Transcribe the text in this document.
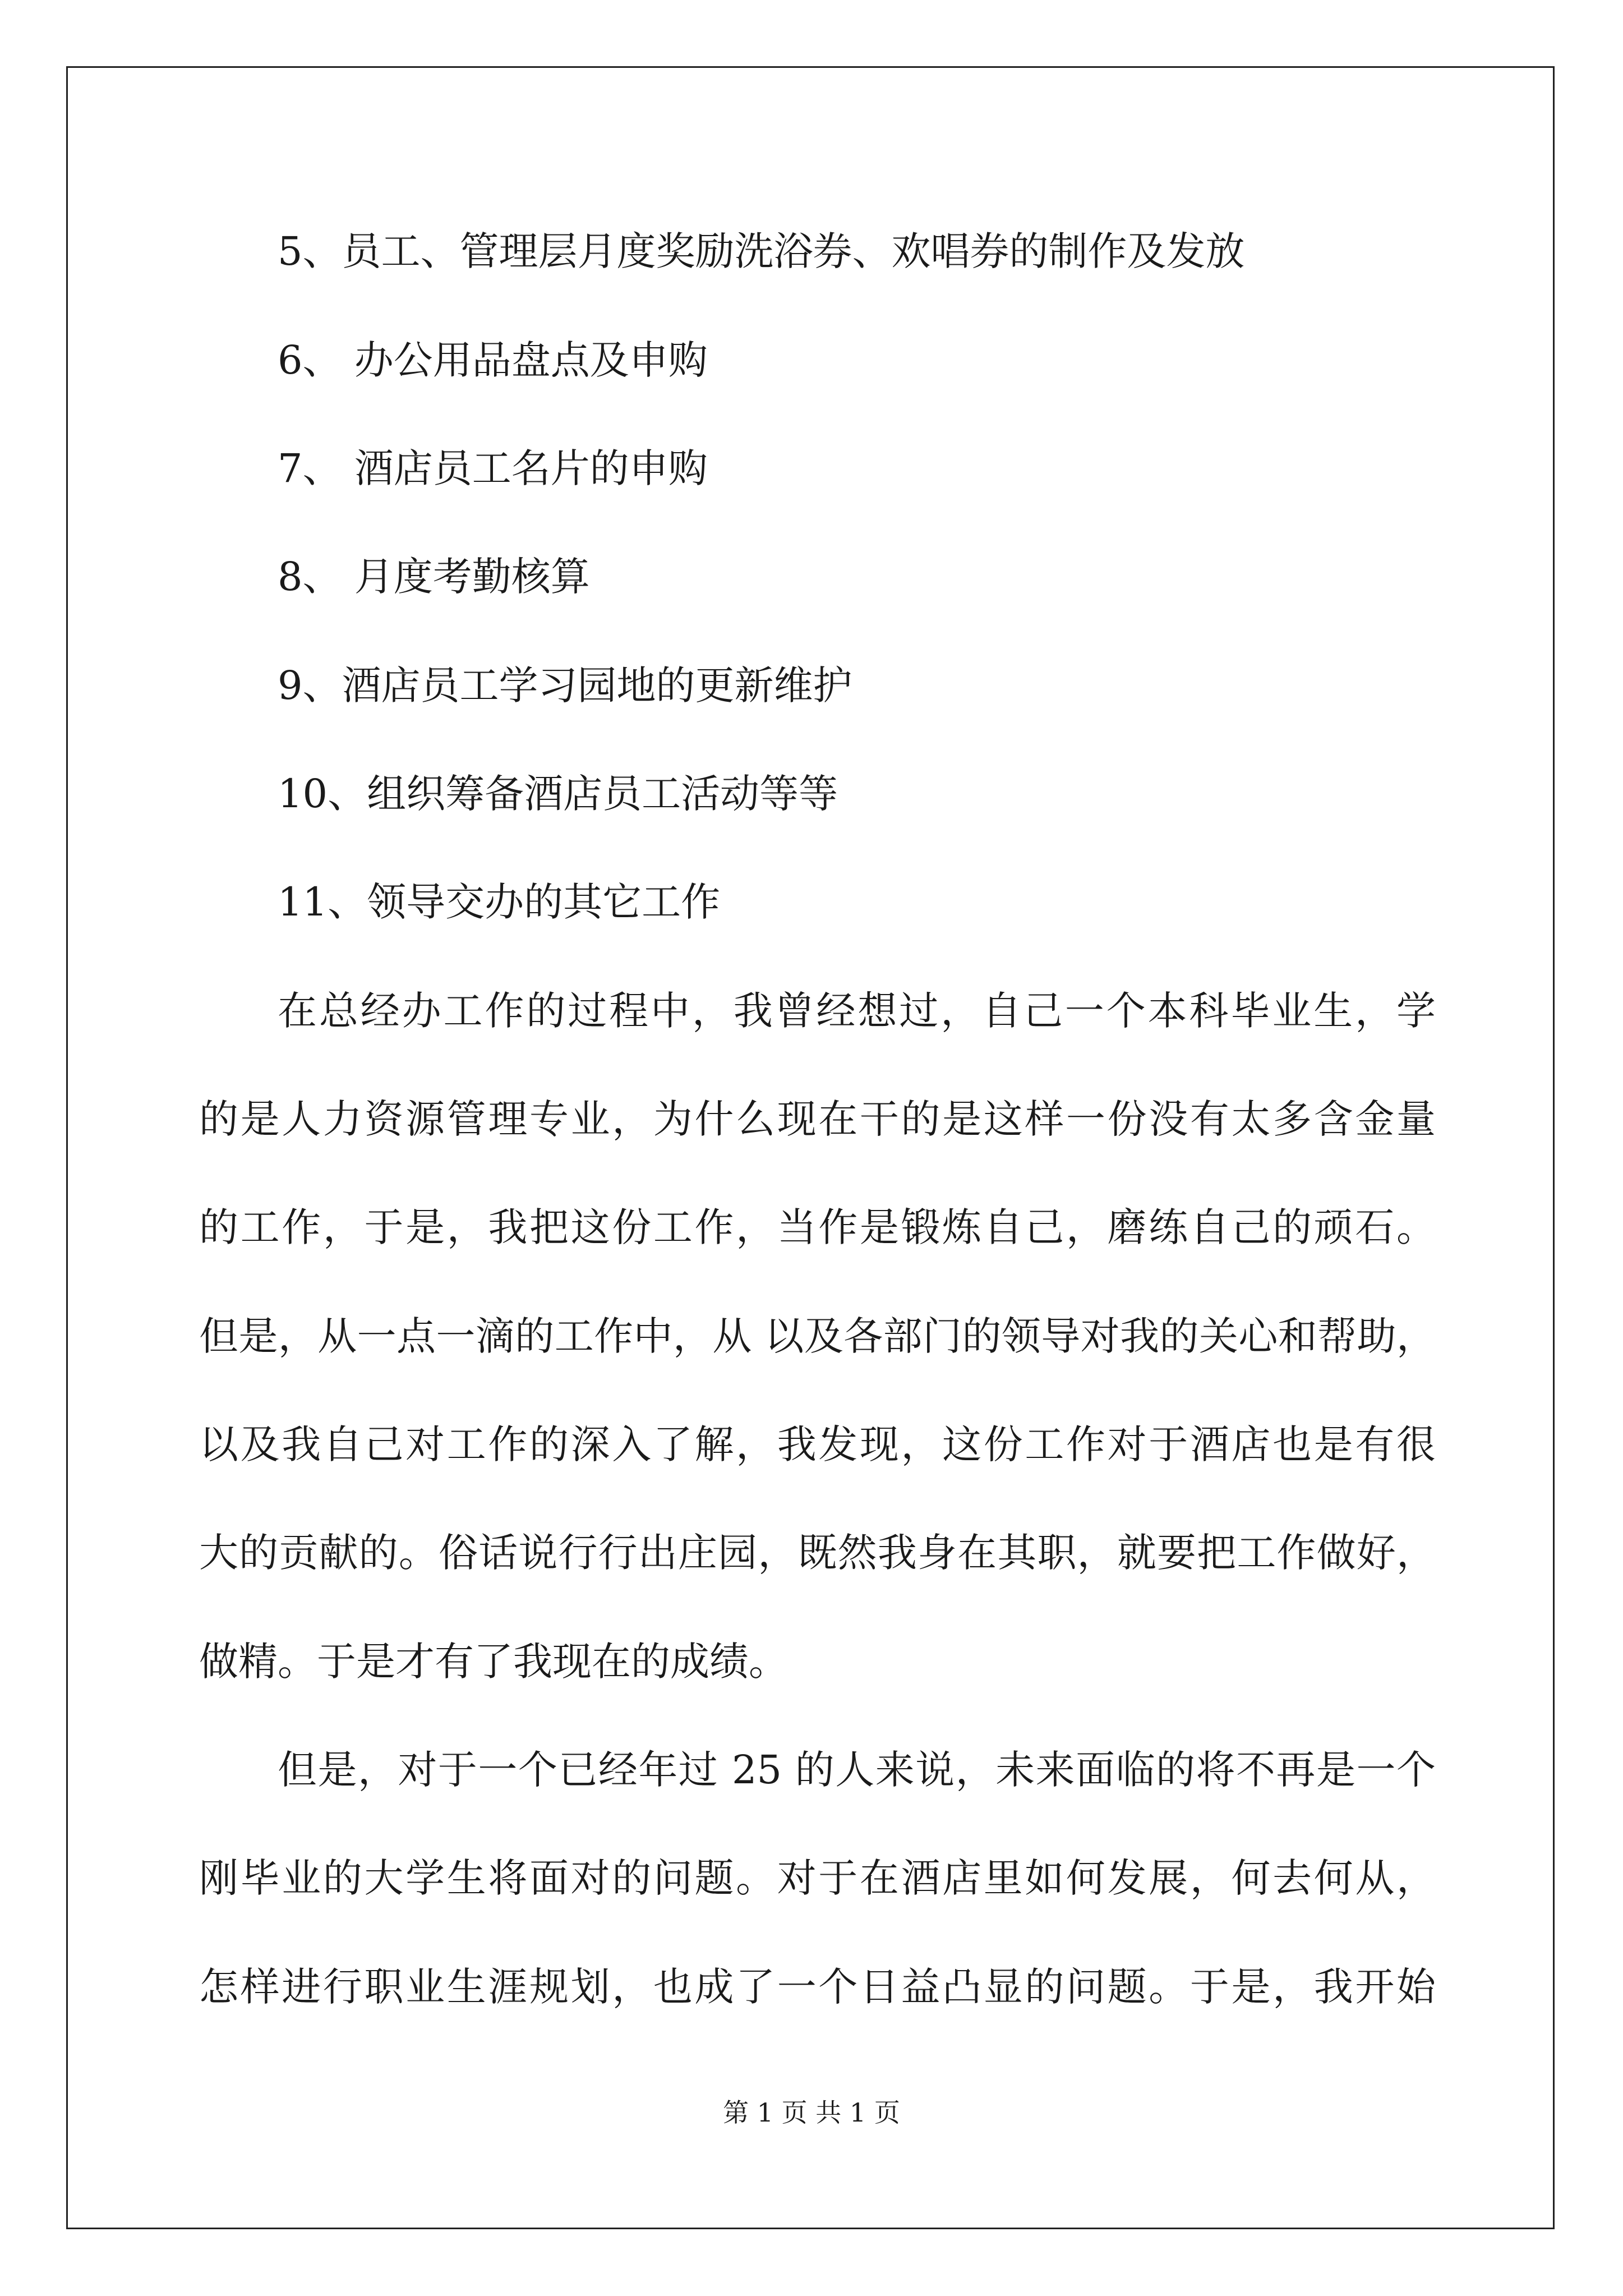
5、员工、管理层月度奖励洗浴券、欢唱券的制作及发放
6、 办公用品盘点及申购
7、 酒店员工名片的申购
8、 月度考勤核算
9、酒店员工学习园地的更新维护
10、组织筹备酒店员工活动等等
11、领导交办的其它工作
在总经办工作的过程中，我曾经想过，自己一个本科毕业生，学
的是人力资源管理专业，为什么现在干的是这样一份没有太多含金量
的工作，于是，我把这份工作，当作是锻炼自己，磨练自己的顽石。
但是，从一点一滴的工作中，从 以及各部门的领导对我的关心和帮助，
以及我自己对工作的深入了解，我发现，这份工作对于酒店也是有很
大的贡献的。俗话说行行出庄园，既然我身在其职，就要把工作做好，
做精。于是才有了我现在的成绩。
但是，对于一个已经年过 25 的人来说，未来面临的将不再是一个
刚毕业的大学生将面对的问题。对于在酒店里如何发展，何去何从，
怎样进行职业生涯规划，也成了一个日益凸显的问题。于是，我开始
第 1 页 共 1 页
